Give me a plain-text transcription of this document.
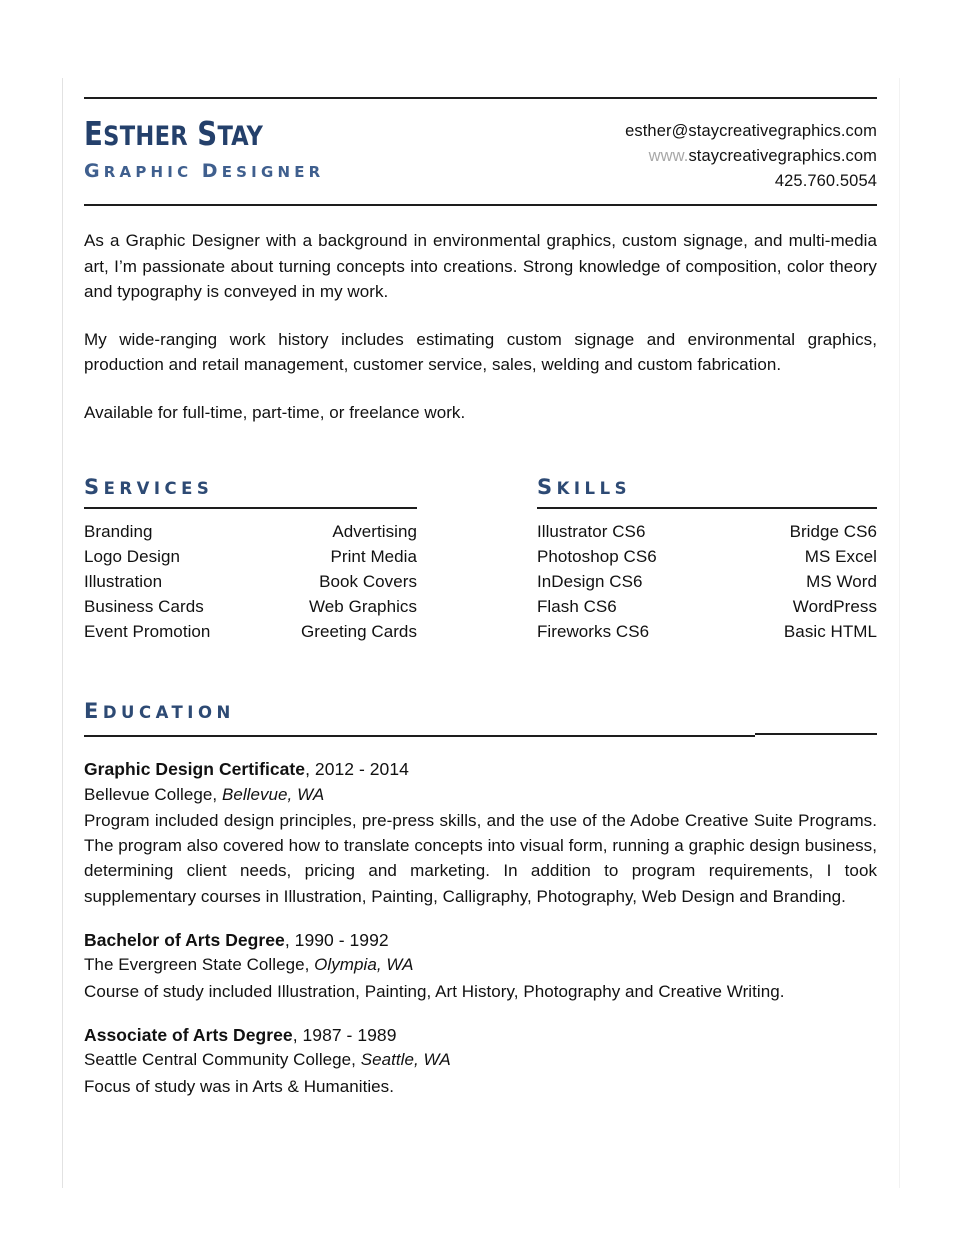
ESTHER STAY
GRAPHIC DESIGNER
esther@staycreativegraphics.com
www.staycreativegraphics.com
425.760.5054

As a Graphic Designer with a background in environmental graphics, custom signage, and multi-media art, I’m passionate about turning concepts into creations. Strong knowledge of composition, color theory and typography is conveyed in my work.

My wide-ranging work history includes estimating custom signage and environmental graphics, production and retail management, customer service, sales, welding and custom fabrication.

Available for full-time, part-time, or freelance work.

SERVICES
Branding	Advertising
Logo Design	Print Media
Illustration	Book Covers
Business Cards	Web Graphics
Event Promotion	Greeting Cards
SKILLS
Illustrator CS6	Bridge CS6
Photoshop CS6	MS Excel
InDesign CS6	MS Word
Flash CS6	WordPress
Fireworks CS6	Basic HTML
EDUCATION
Graphic Design Certificate, 2012 - 2014
Bellevue College, Bellevue, WA
Program included design principles, pre-press skills, and the use of the Adobe Creative Suite Programs. The program also covered how to translate concepts into visual form, running a graphic design business, determining client needs, pricing and marketing. In addition to program requirements, I took supplementary courses in Illustration, Painting, Calligraphy, Photography, Web Design and Branding.
Bachelor of Arts Degree, 1990 - 1992
The Evergreen State College, Olympia, WA
Course of study included Illustration, Painting, Art History, Photography and Creative Writing.
Associate of Arts Degree, 1987 - 1989
Seattle Central Community College, Seattle, WA
Focus of study was in Arts & Humanities.
